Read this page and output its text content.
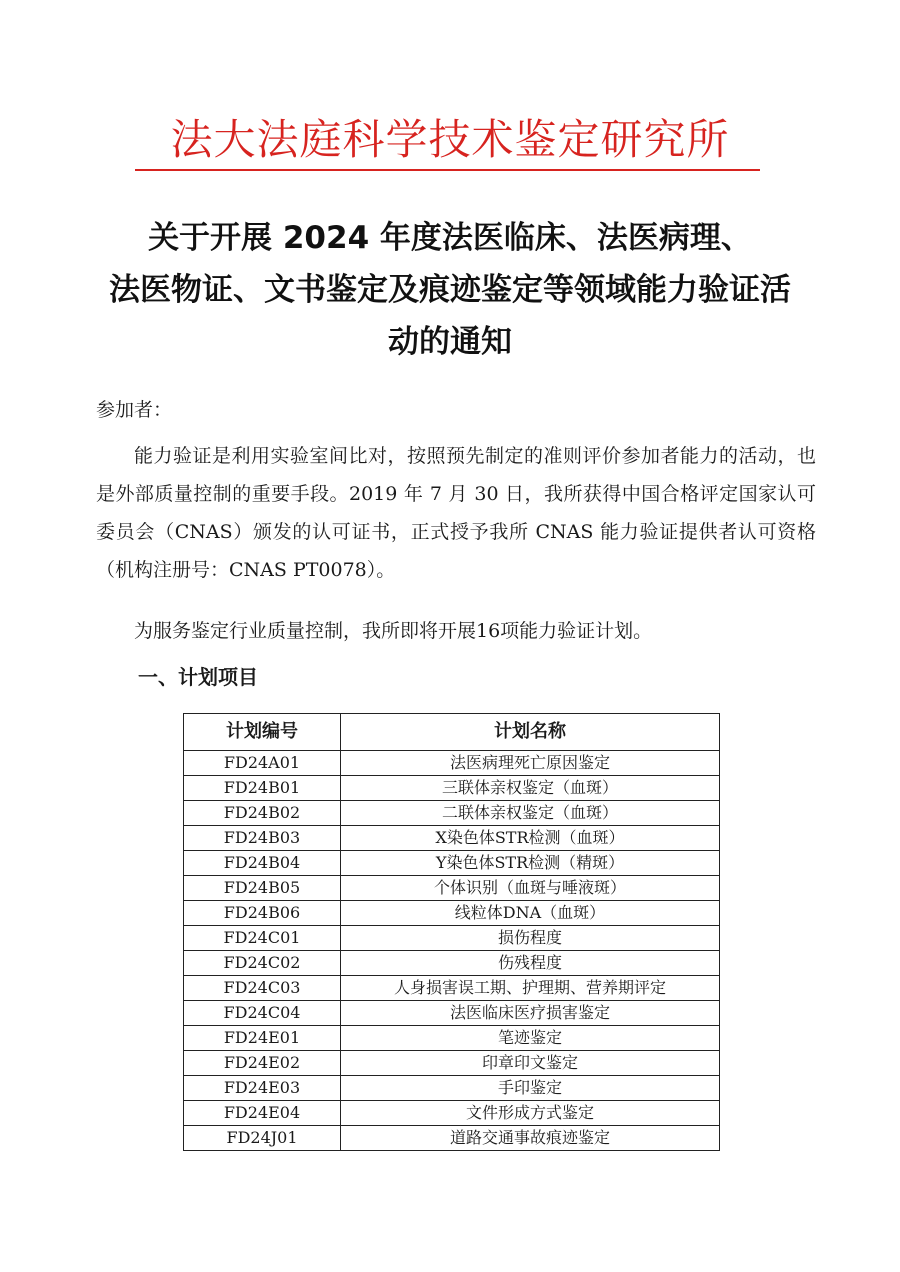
法大法庭科学技术鉴定研究所
关于开展 2024 年度法医临床、法医病理、
法医物证、文书鉴定及痕迹鉴定等领域能力验证活
动的通知
参加者：
能力验证是利用实验室间比对，按照预先制定的准则评价参加者能力的活动，也是外部质量控制的重要手段。2019 年 7 月 30 日，我所获得中国合格评定国家认可委员会（CNAS）颁发的认可证书，正式授予我所 CNAS 能力验证提供者认可资格（机构注册号：CNAS PT0078）。
为服务鉴定行业质量控制，我所即将开展16项能力验证计划。
一、计划项目
计划编号	计划名称
FD24A01	法医病理死亡原因鉴定
FD24B01	三联体亲权鉴定（血斑）
FD24B02	二联体亲权鉴定（血斑）
FD24B03	X染色体STR检测（血斑）
FD24B04	Y染色体STR检测（精斑）
FD24B05	个体识别（血斑与唾液斑）
FD24B06	线粒体DNA（血斑）
FD24C01	损伤程度
FD24C02	伤残程度
FD24C03	人身损害误工期、护理期、营养期评定
FD24C04	法医临床医疗损害鉴定
FD24E01	笔迹鉴定
FD24E02	印章印文鉴定
FD24E03	手印鉴定
FD24E04	文件形成方式鉴定
FD24J01	道路交通事故痕迹鉴定
